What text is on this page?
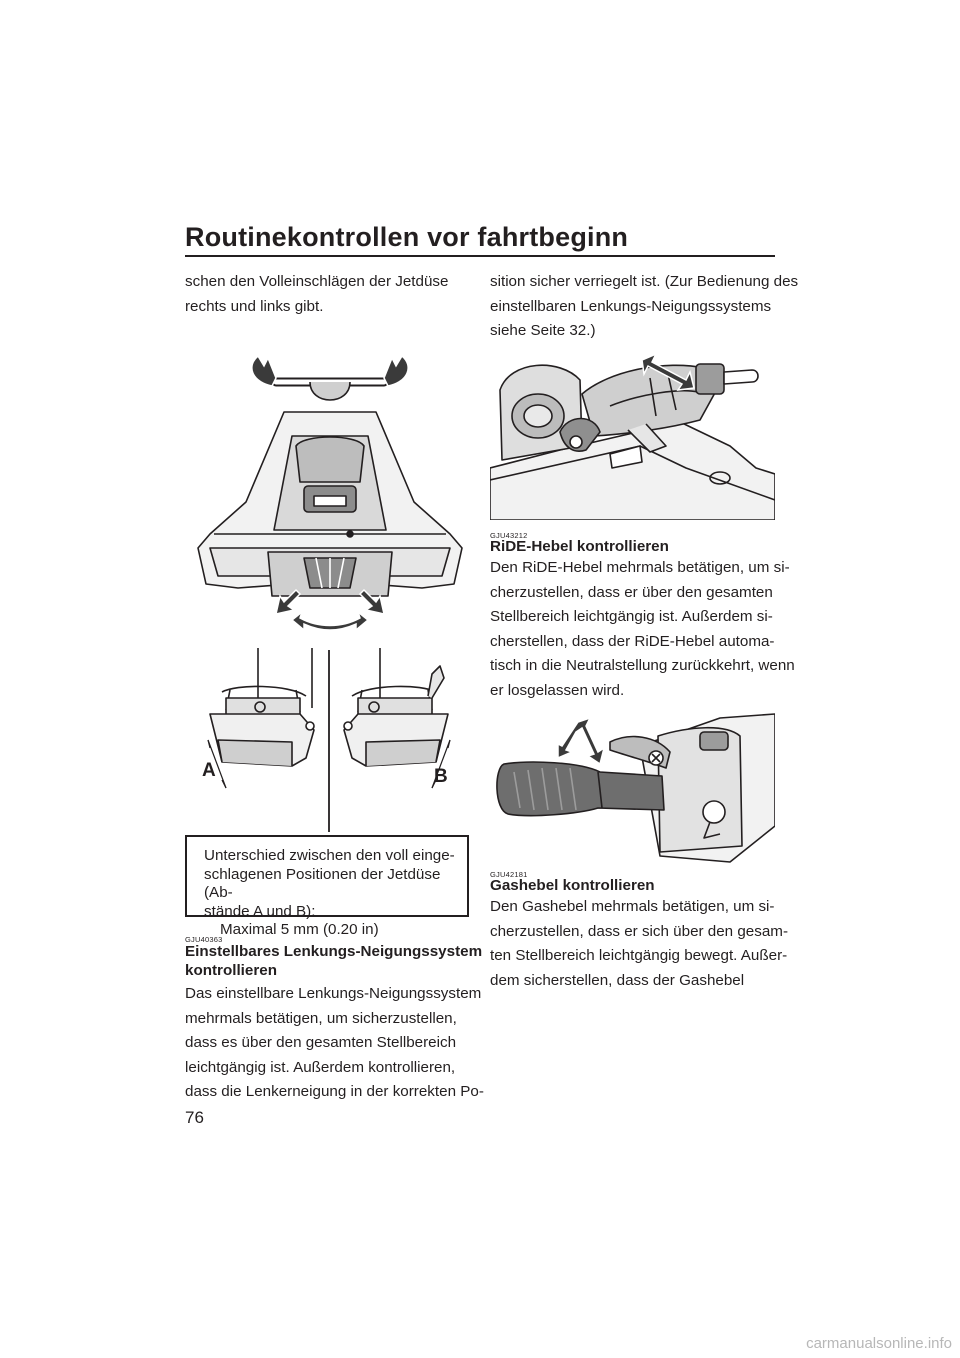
Routinekontrollen vor fahrtbeginn

schen den Volleinschlägen der Jetdüse
rechts und links gibt.

A	B
Unterschied zwischen den voll einge-
schlagenen Positionen der Jetdüse (Ab-
stände A und B):
Maximal 5 mm (0.20 in)
GJU40363
Einstellbares Lenkungs-Neigungssystem
kontrollieren

Das einstellbare Lenkungs-Neigungssystem
mehrmals betätigen, um sicherzustellen,
dass es über den gesamten Stellbereich
leichtgängig ist. Außerdem kontrollieren,
dass die Lenkerneigung in der korrekten Po-

sition sicher verriegelt ist. (Zur Bedienung des
einstellbaren Lenkungs-Neigungssystems
siehe Seite 32.)

GJU43212
RiDE-Hebel kontrollieren

Den RiDE-Hebel mehrmals betätigen, um si-
cherzustellen, dass er über den gesamten
Stellbereich leichtgängig ist. Außerdem si-
cherstellen, dass der RiDE-Hebel automa-
tisch in die Neutralstellung zurückkehrt, wenn
er losgelassen wird.

GJU42181
Gashebel kontrollieren

Den Gashebel mehrmals betätigen, um si-
cherzustellen, dass er sich über den gesam-
ten Stellbereich leichtgängig bewegt. Außer-
dem sicherstellen, dass der Gashebel

76
carmanualsonline.info
